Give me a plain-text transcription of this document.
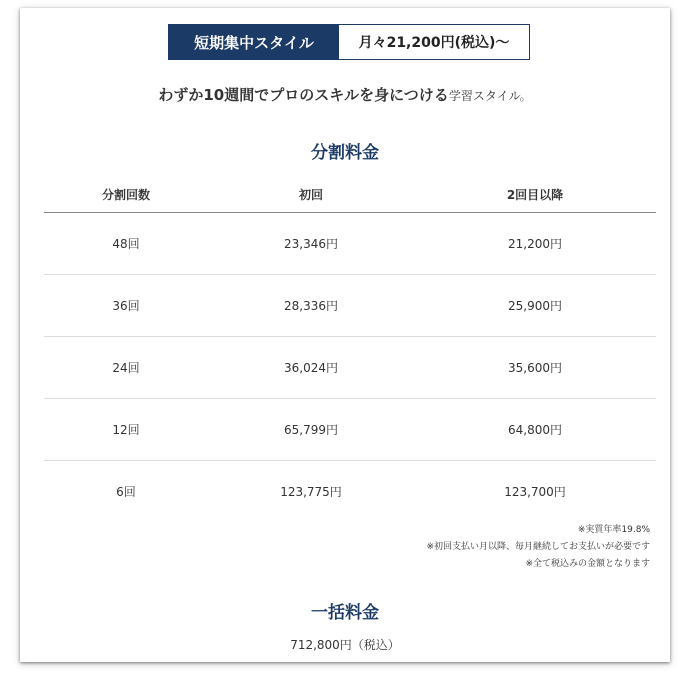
短期集中スタイル	月々21,200円(税込)〜
わずか10週間でプロのスキルを身につける学習スタイル。
分割料金
分割回数	初回	2回目以降
48回	23,346円	21,200円
36回	28,336円	25,900円
24回	36,024円	35,600円
12回	65,799円	64,800円
6回	123,775円	123,700円
※実質年率19.8%
※初回支払い月以降、毎月継続してお支払いが必要です
※全て税込みの金額となります
一括料金
712,800円（税込）
